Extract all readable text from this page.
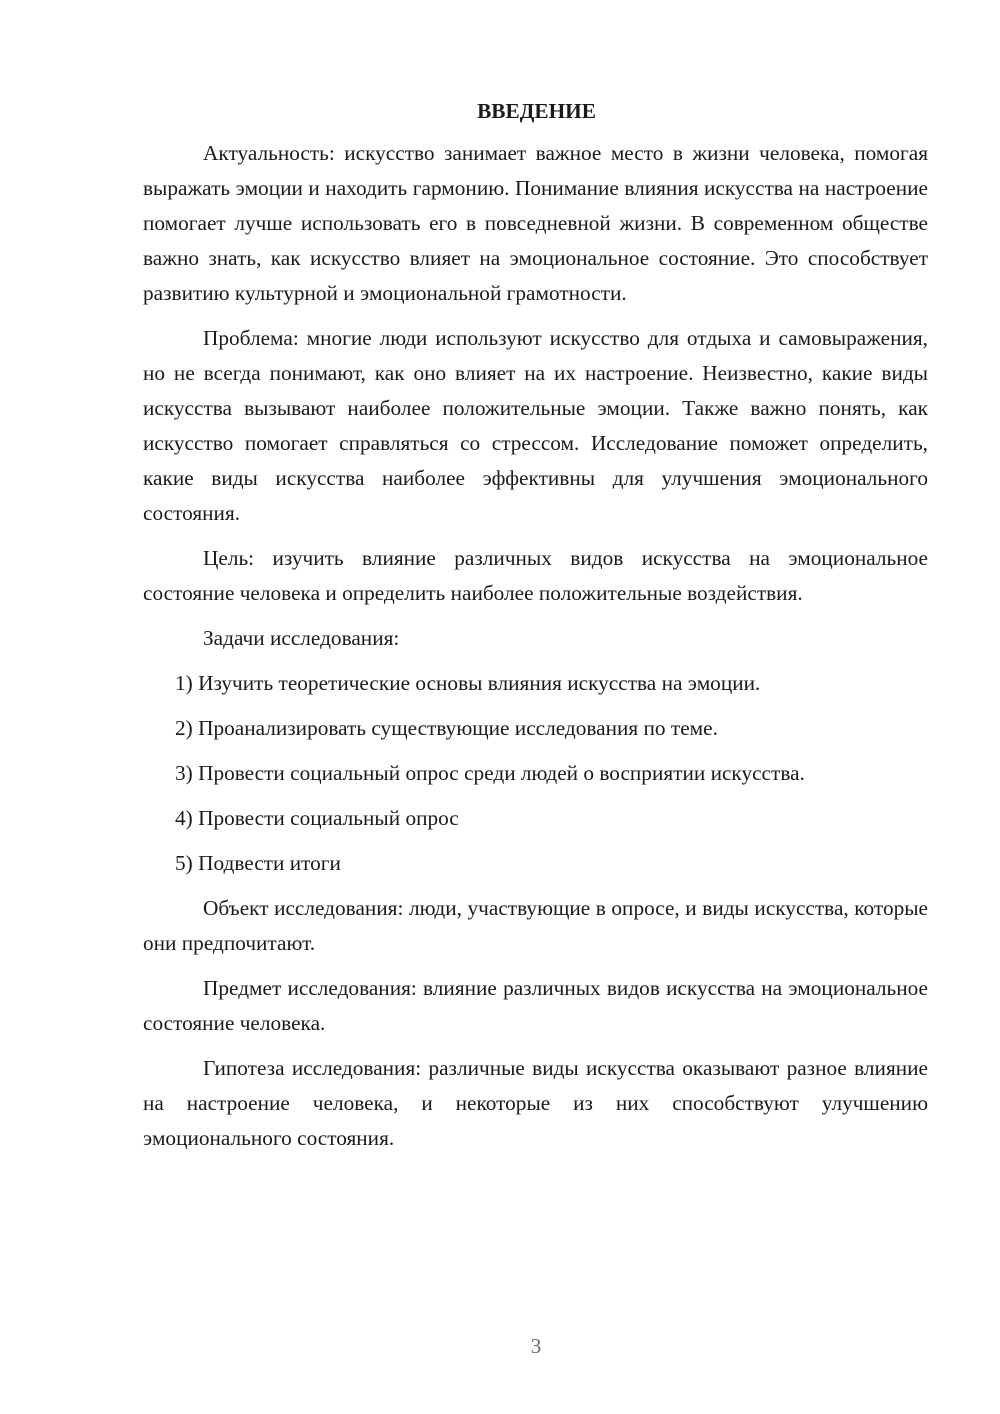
ВВЕДЕНИЕ

Актуальность: искусство занимает важное место в жизни человека, помогая выражать эмоции и находить гармонию. Понимание влияния искусства на настроение помогает лучше использовать его в повседневной жизни. В современном обществе важно знать, как искусство влияет на эмоциональное состояние. Это способствует развитию культурной и эмоциональной грамотности.

Проблема: многие люди используют искусство для отдыха и самовыражения, но не всегда понимают, как оно влияет на их настроение. Неизвестно, какие виды искусства вызывают наиболее положительные эмоции. Также важно понять, как искусство помогает справляться со стрессом. Исследование поможет определить, какие виды искусства наиболее эффективны для улучшения эмоционального состояния.

Цель: изучить влияние различных видов искусства на эмоциональное состояние человека и определить наиболее положительные воздействия.

Задачи исследования:

1) Изучить теоретические основы влияния искусства на эмоции.
2) Проанализировать существующие исследования по теме.
3) Провести социальный опрос среди людей о восприятии искусства.
4) Провести социальный опрос
5) Подвести итоги

Объект исследования: люди, участвующие в опросе, и виды искусства, которые они предпочитают.

Предмет исследования: влияние различных видов искусства на эмоциональное состояние человека.

Гипотеза исследования: различные виды искусства оказывают разное влияние на настроение человека, и некоторые из них способствуют улучшению эмоционального состояния.

3
